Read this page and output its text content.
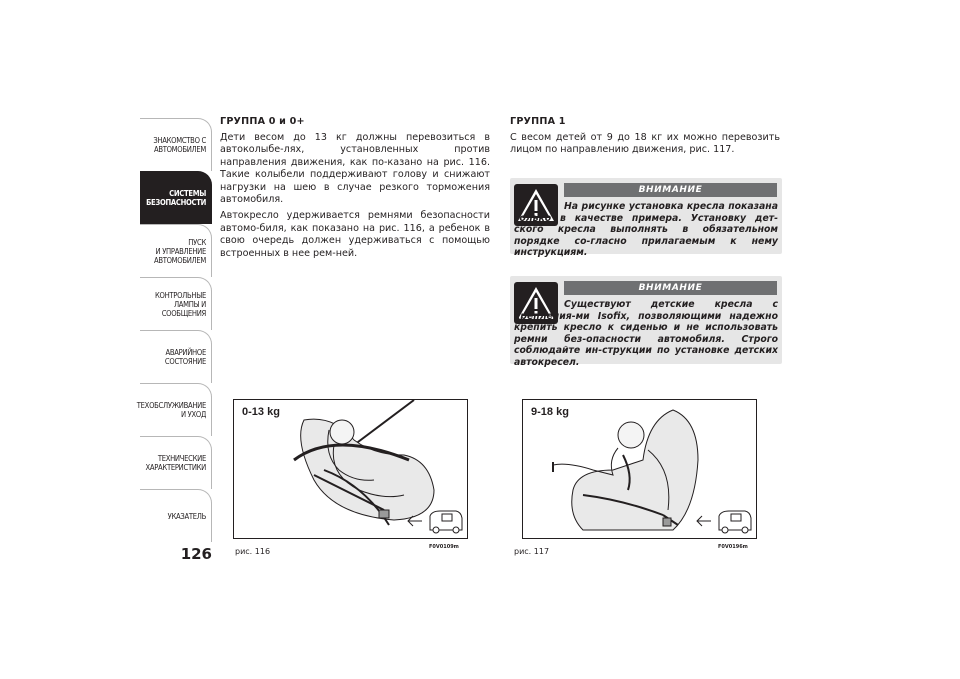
ЗНАКОМСТВО С
АВТОМОБИЛЕМ
СИСТЕМЫ
БЕЗОПАСНОСТИ
ПУСК
И УПРАВЛЕНИЕ
АВТОМОБИЛЕМ
КОНТРОЛЬНЫЕ
ЛАМПЫ И
СООБЩЕНИЯ
АВАРИЙНОЕ
СОСТОЯНИЕ
ТЕХОБСЛУЖИВАНИЕ
И УХОД
ТЕХНИЧЕСКИЕ
ХАРАКТЕРИСТИКИ
УКАЗАТЕЛЬ
126
ГРУППА 0 и 0+

Дети весом до 13 кг должны перевозиться в автоколыбе-лях, установленных против направления движения, как по-казано на рис. 116. Такие колыбели поддерживают голову и снижают нагрузки на шею в случае резкого торможения автомобиля.

Автокресло удерживается ремнями безопасности автомо-биля, как показано на рис. 116, а ребенок в свою очередь должен удерживаться с помощью встроенных в нее рем-ней.

ГРУППА 1

С весом детей от 9 до 18 кг их можно перевозить лицом по направлению движения, рис. 117.

ВНИМАНИЕ
На рисунке установка кресла показана только в качестве примера. Установку дет-ского кресла выполнять в обязательном порядке со-гласно прилагаемым к нему инструкциям.
ВНИМАНИЕ
Существуют детские кресла с крепления-ми Isofix, позволяющими надежно крепить кресло к сиденью и не использовать ремни без-опасности автомобиля. Строго соблюдайте ин-струкции по установке детских автокресел.
0-13 kg
рис. 116	F0V0109m
9-18 kg
рис. 117	F0V0196m
